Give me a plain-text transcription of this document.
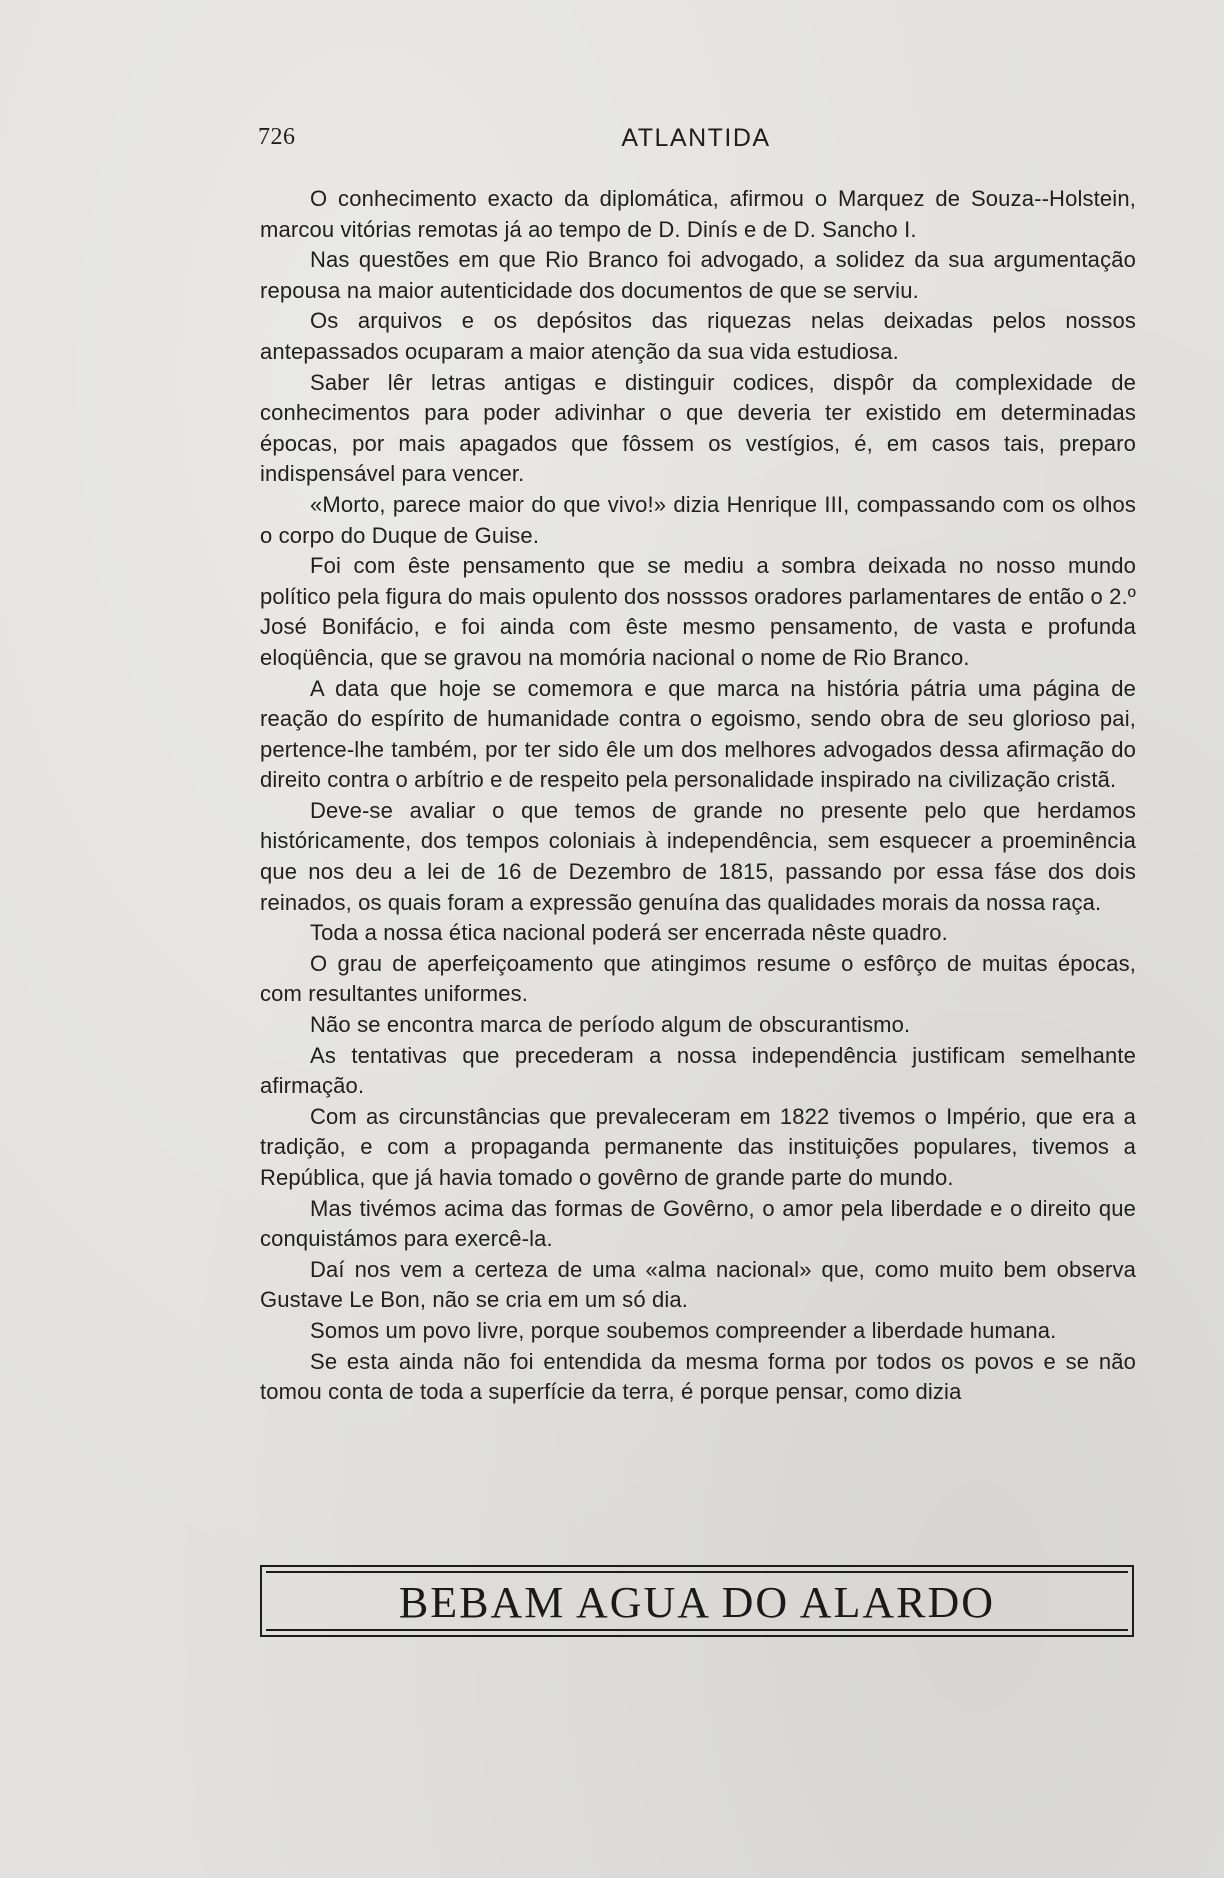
726	ATLANTIDA

O conhecimento exacto da diplomática, afirmou o Marquez de Souza--Holstein, marcou vitórias remotas já ao tempo de D. Dinís e de D. Sancho I.

Nas questões em que Rio Branco foi advogado, a solidez da sua argumentação repousa na maior autenticidade dos documentos de que se serviu.

Os arquivos e os depósitos das riquezas nelas deixadas pelos nossos antepassados ocuparam a maior atenção da sua vida estudiosa.

Saber lêr letras antigas e distinguir codices, dispôr da complexidade de conhecimentos para poder adivinhar o que deveria ter existido em determinadas épocas, por mais apagados que fôssem os vestígios, é, em casos tais, preparo indispensável para vencer.

«Morto, parece maior do que vivo!» dizia Henrique III, compassando com os olhos o corpo do Duque de Guise.

Foi com êste pensamento que se mediu a sombra deixada no nosso mundo político pela figura do mais opulento dos nosssos oradores parlamentares de então o 2.º José Bonifácio, e foi ainda com êste mesmo pensamento, de vasta e profunda eloqüência, que se gravou na momória nacional o nome de Rio Branco.

A data que hoje se comemora e que marca na história pátria uma página de reação do espírito de humanidade contra o egoismo, sendo obra de seu glorioso pai, pertence-lhe também, por ter sido êle um dos melhores advogados dessa afirmação do direito contra o arbítrio e de respeito pela personalidade inspirado na civilização cristã.

Deve-se avaliar o que temos de grande no presente pelo que herdamos históricamente, dos tempos coloniais à independência, sem esquecer a proeminência que nos deu a lei de 16 de Dezembro de 1815, passando por essa fáse dos dois reinados, os quais foram a expressão genuína das qualidades morais da nossa raça.

Toda a nossa ética nacional poderá ser encerrada nêste quadro.

O grau de aperfeiçoamento que atingimos resume o esfôrço de muitas épocas, com resultantes uniformes.

Não se encontra marca de período algum de obscurantismo.

As tentativas que precederam a nossa independência justificam semelhante afirmação.

Com as circunstâncias que prevaleceram em 1822 tivemos o Império, que era a tradição, e com a propaganda permanente das instituições populares, tivemos a República, que já havia tomado o govêrno de grande parte do mundo.

Mas tivémos acima das formas de Govêrno, o amor pela liberdade e o direito que conquistámos para exercê-la.

Daí nos vem a certeza de uma «alma nacional» que, como muito bem observa Gustave Le Bon, não se cria em um só dia.

Somos um povo livre, porque soubemos compreender a liberdade humana.

Se esta ainda não foi entendida da mesma forma por todos os povos e se não tomou conta de toda a superfície da terra, é porque pensar, como dizia

BEBAM AGUA DO ALARDO
